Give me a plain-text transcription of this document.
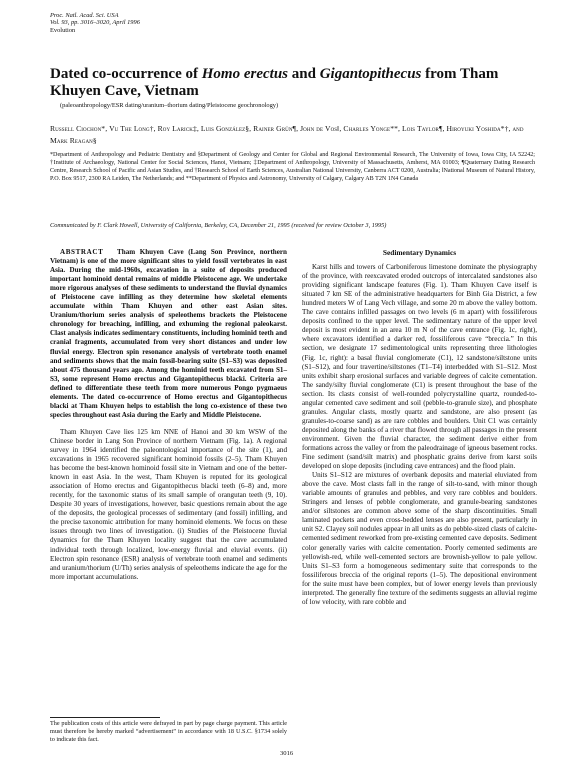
Proc. Natl. Acad. Sci. USA
Vol. 93, pp. 3016–3020, April 1996
Evolution
Dated co-occurrence of Homo erectus and Gigantopithecus from Tham Khuyen Cave, Vietnam
(paleoanthropology/ESR dating/uranium–thorium dating/Pleistocene geochronology)
Russell Ciochon*, Vu The Long†, Roy Larick‡, Luis González§, Rainer Grün¶, John de Vos‖, Charles Yonge**, Lois Taylor¶, Hiroyuki Yoshida*†, and Mark Reagan§
*Department of Anthropology and Pediatric Dentistry and §Department of Geology and Center for Global and Regional Environmental Research, The University of Iowa, Iowa City, IA 52242; †Institute of Archaeology, National Center for Social Sciences, Hanoi, Vietnam; ‡Department of Anthropology, University of Massachusetts, Amherst, MA 01003; ¶Quaternary Dating Research Centre, Research School of Pacific and Asian Studies, and †Research School of Earth Sciences, Australian National University, Canberra ACT 0200, Australia; ‖National Museum of Natural History, P.O. Box 9517, 2300 RA Leiden, The Netherlands; and **Department of Physics and Astronomy, University of Calgary, Calgary AB T2N 1N4 Canada
Communicated by F. Clark Howell, University of California, Berkeley, CA, December 21, 1995 (received for review October 3, 1995)

ABSTRACT Tham Khuyen Cave (Lang Son Province, northern Vietnam) is one of the more significant sites to yield fossil vertebrates in east Asia. During the mid-1960s, excavation in a suite of deposits produced important hominoid dental remains of middle Pleistocene age. We undertake more rigorous analyses of these sediments to understand the fluvial dynamics of Pleistocene cave infilling as they determine how skeletal elements accumulate within Tham Khuyen and other east Asian sites. Uranium/thorium series analysis of speleothems brackets the Pleistocene chronology for breaching, infilling, and exhuming the regional paleokarst. Clast analysis indicates sedimentary constituents, including hominid teeth and cranial fragments, accumulated from very short distances and under low fluvial energy. Electron spin resonance analysis of vertebrate tooth enamel and sediments shows that the main fossil-bearing suite (S1–S3) was deposited about 475 thousand years ago. Among the hominid teeth excavated from S1–S3, some represent Homo erectus and Gigantopithecus blacki. Criteria are defined to differentiate these teeth from more numerous Pongo pygmaeus elements. The dated co-occurrence of Homo erectus and Gigantopithecus blacki at Tham Khuyen helps to establish the long co-existence of these two species throughout east Asia during the Early and Middle Pleistocene.

Tham Khuyen Cave lies 125 km NNE of Hanoi and 30 km WSW of the Chinese border in Lang Son Province of northern Vietnam (Fig. 1a). A regional survey in 1964 identified the paleontological importance of the site (1), and excavations in 1965 recovered significant hominoid fossils (2–5). Tham Khuyen has become the best-known hominoid fossil site in Vietnam and one of the better-known in east Asia. In the west, Tham Khuyen is reputed for its geological association of Homo erectus and Gigantopithecus blacki teeth (6–8) and, more recently, for the taxonomic status of its small sample of orangutan teeth (9, 10). Despite 30 years of investigations, however, basic questions remain about the age of the deposits, the geological processes of sedimentary (and fossil) infilling, and the precise taxonomic attribution for many hominoid elements. We focus on these issues through two lines of investigation. (i) Studies of the Pleistocene fluvial dynamics for the Tham Khuyen locality suggest that the cave accumulated individual teeth through localized, low-energy fluvial and eluvial events. (ii) Electron spin resonance (ESR) analysis of vertebrate tooth enamel and sediments and uranium/thorium (U/Th) series analysis of speleothems indicate the age for the more important accumulations.

The publication costs of this article were defrayed in part by page charge payment. This article must therefore be hereby marked “advertisement” in accordance with 18 U.S.C. §1734 solely to indicate this fact.

Sedimentary Dynamics

Karst hills and towers of Carboniferous limestone dominate the physiography of the province, with reexcavated eroded outcrops of intercalated sandstones also providing significant landscape features (Fig. 1). Tham Khuyen Cave itself is situated 7 km SE of the administrative headquarters for Binh Gia District, a few hundred meters W of Lang Vech village, and some 20 m above the valley bottom. The cave contains infilled passages on two levels (6 m apart) with fossiliferous deposits confined to the upper level. The sedimentary nature of the upper level deposit is most evident in an area 10 m N of the cave entrance (Fig. 1c, right), where excavators identified a darker red, fossiliferous cave “breccia.” In this section, we designate 17 sedimentological units representing three lithologies (Fig. 1c, right): a basal fluvial conglomerate (C1), 12 sandstone/siltstone units (S1–S12), and four travertine/siltstones (T1–T4) interbedded with S1–S12. Most units exhibit sharp erosional surfaces and variable degrees of calcite cementation. The sandy/silty fluvial conglomerate (C1) is present throughout the base of the section. Its clasts consist of well-rounded polycrystalline quartz, rounded-to-angular cemented cave sediment and soil (pebble-to-granule size), and phosphate granules. Angular clasts, mostly quartz and sandstone, are also present (as granules-to-coarse sand) as are rare cobbles and boulders. Unit C1 was certainly deposited along the banks of a river that flowed through all passages in the present environment. Given the fluvial character, the sediment derive either from formations across the valley or from the paleodrainage of igneous basement rocks. Fine sediment (sand/silt matrix) and phosphatic grains derive from karst soils developed on slope deposits (including cave entrances) and the flood plain.

Units S1–S12 are mixtures of overbank deposits and material eluviated from above the cave. Most clasts fall in the range of silt-to-sand, with minor though variable amounts of granules and pebbles, and very rare cobbles and boulders. Stringers and lenses of pebble conglomerate, and granule-bearing sandstones and/or siltstones are common above some of the sharp discontinuities. Small laminated pockets and even cross-bedded lenses are also present, particularly in unit S2. Clayey soil nodules appear in all units as do pebble-sized clasts of calcite-cemented sediment reworked from pre-existing cemented cave deposits. Sediment color generally varies with calcite cementation. Poorly cemented sediments are yellowish-red, while well-cemented sectors are brownish-yellow to pale yellow. Units S1–S3 form a homogeneous sedimentary suite that corresponds to the fossiliferous breccia of the original reports (1–5). The depositional environment for the suite must have been complex, but of lower energy levels than previously interpreted. The generally fine texture of the sediments suggests an alluvial regime of low velocity, with rare cobble and

3016
